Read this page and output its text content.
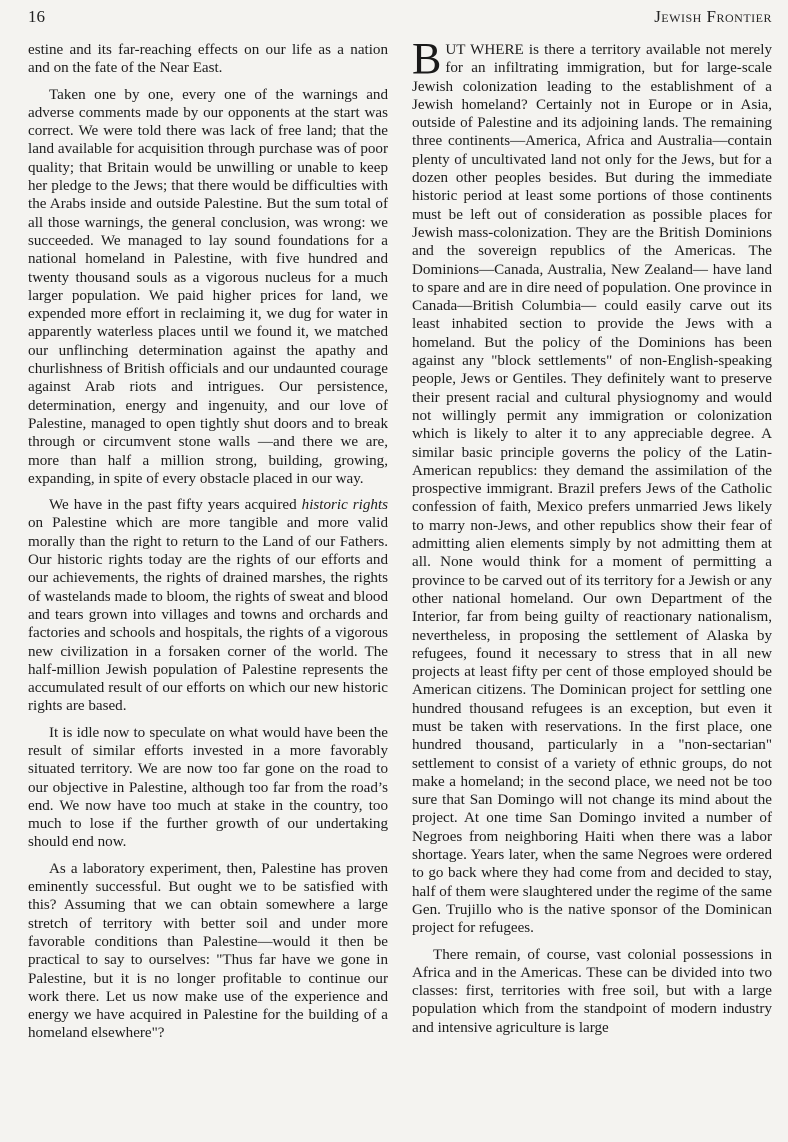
16	Jewish Frontier

estine and its far-reaching effects on our life as a nation and on the fate of the Near East.

Taken one by one, every one of the warnings and adverse comments made by our opponents at the start was correct. We were told there was lack of free land; that the land available for acquisition through purchase was of poor quality; that Britain would be unwilling or unable to keep her pledge to the Jews; that there would be difficulties with the Arabs inside and outside Palestine. But the sum total of all those warnings, the general conclusion, was wrong: we succeeded. We managed to lay sound foundations for a national homeland in Palestine, with five hundred and twenty thousand souls as a vigorous nucleus for a much larger population. We paid higher prices for land, we expended more effort in reclaiming it, we dug for water in apparently waterless places until we found it, we matched our unflinching determination against the apathy and churlishness of British officials and our undaunted courage against Arab riots and intrigues. Our persistence, determination, energy and ingenuity, and our love of Palestine, managed to open tightly shut doors and to break through or circumvent stone walls —and there we are, more than half a million strong, building, growing, expanding, in spite of every obstacle placed in our way.

We have in the past fifty years acquired historic rights on Palestine which are more tangible and more valid morally than the right to return to the Land of our Fathers. Our historic rights today are the rights of our efforts and our achievements, the rights of drained marshes, the rights of wastelands made to bloom, the rights of sweat and blood and tears grown into villages and towns and orchards and factories and schools and hospitals, the rights of a vigorous new civilization in a forsaken corner of the world. The half-million Jewish population of Palestine represents the accumulated result of our efforts on which our new historic rights are based.

It is idle now to speculate on what would have been the result of similar efforts invested in a more favorably situated territory. We are now too far gone on the road to our objective in Palestine, although too far from the road’s end. We now have too much at stake in the country, too much to lose if the further growth of our undertaking should end now.

As a laboratory experiment, then, Palestine has proven eminently successful. But ought we to be satisfied with this? Assuming that we can obtain somewhere a large stretch of territory with better soil and under more favorable conditions than Palestine—would it then be practical to say to ourselves: "Thus far have we gone in Palestine, but it is no longer profitable to continue our work there. Let us now make use of the experience and energy we have acquired in Palestine for the building of a homeland elsewhere"?

BUT WHERE is there a territory available not merely for an infiltrating immigration, but for large-scale Jewish colonization leading to the establishment of a Jewish homeland? Certainly not in Europe or in Asia, outside of Palestine and its adjoining lands. The remaining three continents—America, Africa and Australia—contain plenty of uncultivated land not only for the Jews, but for a dozen other peoples besides. But during the immediate historic period at least some portions of those continents must be left out of consideration as possible places for Jewish mass-colonization. They are the British Dominions and the sovereign republics of the Americas. The Dominions—Canada, Australia, New Zealand— have land to spare and are in dire need of population. One province in Canada—British Columbia— could easily carve out its least inhabited section to provide the Jews with a homeland. But the policy of the Dominions has been against any "block settlements" of non-English-speaking people, Jews or Gentiles. They definitely want to preserve their present racial and cultural physiognomy and would not willingly permit any immigration or colonization which is likely to alter it to any appreciable degree. A similar basic principle governs the policy of the Latin-American republics: they demand the assimilation of the prospective immigrant. Brazil prefers Jews of the Catholic confession of faith, Mexico prefers unmarried Jews likely to marry non-Jews, and other republics show their fear of admitting alien elements simply by not admitting them at all. None would think for a moment of permitting a province to be carved out of its territory for a Jewish or any other national homeland. Our own Department of the Interior, far from being guilty of reactionary nationalism, nevertheless, in proposing the settlement of Alaska by refugees, found it necessary to stress that in all new projects at least fifty per cent of those employed should be American citizens. The Dominican project for settling one hundred thousand refugees is an exception, but even it must be taken with reservations. In the first place, one hundred thousand, particularly in a "non-sectarian" settlement to consist of a variety of ethnic groups, do not make a homeland; in the second place, we need not be too sure that San Domingo will not change its mind about the project. At one time San Domingo invited a number of Negroes from neighboring Haiti when there was a labor shortage. Years later, when the same Negroes were ordered to go back where they had come from and decided to stay, half of them were slaughtered under the regime of the same Gen. Trujillo who is the native sponsor of the Dominican project for refugees.

There remain, of course, vast colonial possessions in Africa and in the Americas. These can be divided into two classes: first, territories with free soil, but with a large population which from the standpoint of modern industry and intensive agriculture is large
